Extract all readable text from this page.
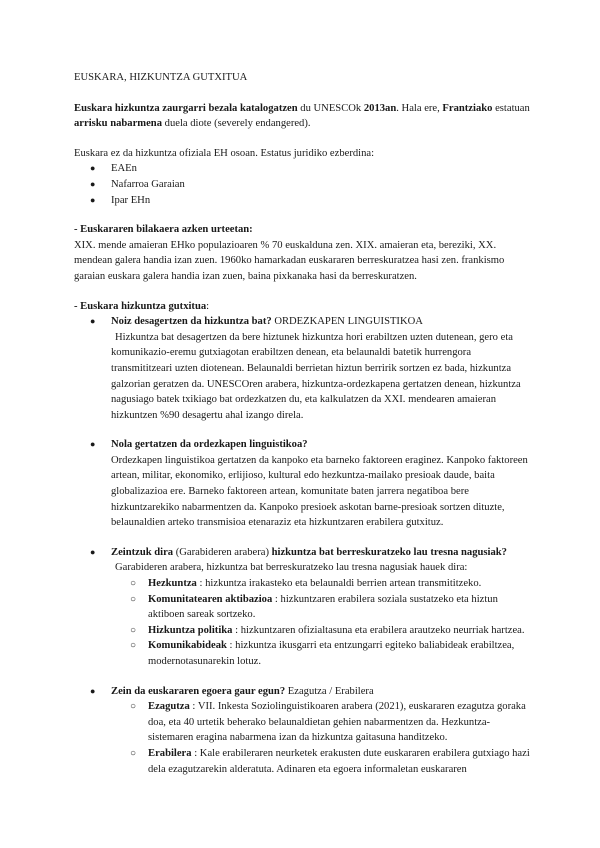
EUSKARA, HIZKUNTZA GUTXITUA

Euskara hizkuntza zaurgarri bezala katalogatzen du UNESCOk 2013an. Hala ere, Frantziako estatuan arrisku nabarmena duela diote (severely endangered).

Euskara ez da hizkuntza ofiziala EH osoan. Estatus juridiko ezberdina:

● EAEn
● Nafarroa Garaian
● Ipar EHn

- Euskararen bilakaera azken urteetan:

XIX. mende amaieran EHko populazioaren % 70 euskalduna zen. XIX. amaieran eta, bereziki, XX. mendean galera handia izan zuen. 1960ko hamarkadan euskararen berreskuratzea hasi zen. frankismo garaian euskara galera handia izan zuen, baina pixkanaka hasi da berreskuratzen.

- Euskara hizkuntza gutxitua:

● Noiz desagertzen da hizkuntza bat? ORDEZKAPEN LINGUISTIKOA

Hizkuntza bat desagertzen da bere hiztunek hizkuntza hori erabiltzen uzten dutenean, gero eta komunikazio-eremu gutxiagotan erabiltzen denean, eta belaunaldi batetik hurrengora transmititzeari uzten diotenean. Belaunaldi berrietan hiztun berririk sortzen ez bada, hizkuntza galzorian geratzen da. UNESCOren arabera, hizkuntza-ordezkapena gertatzen denean, hizkuntza nagusiago batek txikiago bat ordezkatzen du, eta kalkulatzen da XXI. mendearen amaieran hizkuntzen %90 desagertu ahal izango direla.

● Nola gertatzen da ordezkapen linguistikoa?

Ordezkapen linguistikoa gertatzen da kanpoko eta barneko faktoreen eraginez. Kanpoko faktoreen artean, militar, ekonomiko, erlijioso, kultural edo hezkuntza-mailako presioak daude, baita globalizazioa ere. Barneko faktoreen artean, komunitate baten jarrera negatiboa bere hizkuntzarekiko nabarmentzen da. Kanpoko presioek askotan barne-presioak sortzen dituzte, belaunaldien arteko transmisioa etenaraziz eta hizkuntzaren erabilera gutxituz.

● Zeintzuk dira (Garabideren arabera) hizkuntza bat berreskuratzeko lau tresna nagusiak?

Garabideren arabera, hizkuntza bat berreskuratzeko lau tresna nagusiak hauek dira:

○ Hezkuntza : hizkuntza irakasteko eta belaunaldi berrien artean transmititzeko.
○ Komunitatearen aktibazioa : hizkuntzaren erabilera soziala sustatzeko eta hiztun aktiboen sareak sortzeko.
○ Hizkuntza politika : hizkuntzaren ofizialtasuna eta erabilera arautzeko neurriak hartzea.
○ Komunikabideak : hizkuntza ikusgarri eta entzungarri egiteko baliabideak erabiltzea, modernotasunarekin lotuz.
● Zein da euskararen egoera gaur egun? Ezagutza / Erabilera

○ Ezagutza : VII. Inkesta Soziolinguistikoaren arabera (2021), euskararen ezagutza goraka doa, eta 40 urtetik beherako belaunaldietan gehien nabarmentzen da. Hezkuntza-sistemaren eragina nabarmena izan da hizkuntza gaitasuna handitzeko.
○ Erabilera : Kale erabileraren neurketek erakusten dute euskararen erabilera gutxiago hazi dela ezagutzarekin alderatuta. Adinaren eta egoera informaletan euskararen
